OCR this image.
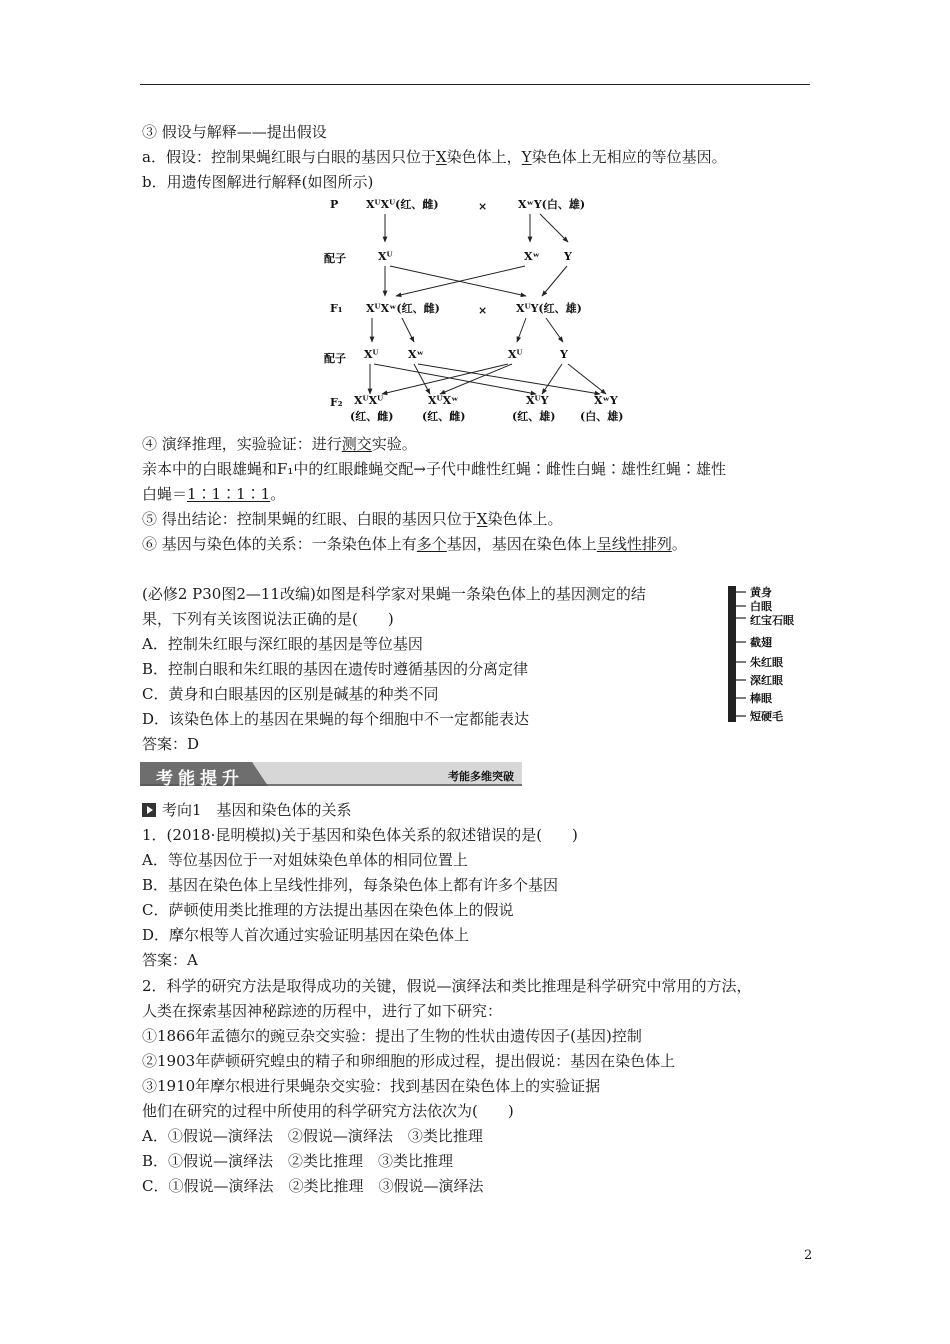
③ 假设与解释——提出假设
a．假设：控制果蝇红眼与白眼的基因只位于X染色体上，Y染色体上无相应的等位基因。
b．用遗传图解进行解释(如图所示)
P	XᵂXᵂ(红、雌)	×	XʷY(白、雄)
配子	Xᵂ	Xʷ Y
F₁ XᵂXʷ(红、雌)	×	XᵂY(红、雄)
配子 Xᵂ	Xʷ	Xᵂ	Y
F₂ XᵂXᵂ
(红、雌)
XᵂXʷ
(红、雌)
XᵂY
(红、雄)
XʷY
(白、雄)
④ 演绎推理，实验验证：进行测交实验。
亲本中的白眼雄蝇和F₁中的红眼雌蝇交配→子代中雌性红蝇∶雌性白蝇∶雄性红蝇∶雄性
白蝇＝1∶1∶1∶1。
⑤ 得出结论：控制果蝇的红眼、白眼的基因只位于X染色体上。
⑥ 基因与染色体的关系：一条染色体上有多个基因，基因在染色体上呈线性排列。
(必修2 P30图2—11改编)如图是科学家对果蝇一条染色体上的基因测定的结
果，下列有关该图说法正确的是(　　)
A．控制朱红眼与深红眼的基因是等位基因
B．控制白眼和朱红眼的基因在遗传时遵循基因的分离定律
C．黄身和白眼基因的区别是碱基的种类不同
D．该染色体上的基因在果蝇的每个细胞中不一定都能表达
答案：D
黄身
白眼
红宝石眼
截翅
朱红眼
深红眼
棒眼
短硬毛
考能提升	考能多维突破
考向1　基因和染色体的关系
1．(2018·昆明模拟)关于基因和染色体关系的叙述错误的是(　　)
A．等位基因位于一对姐妹染色单体的相同位置上
B．基因在染色体上呈线性排列，每条染色体上都有许多个基因
C．萨顿使用类比推理的方法提出基因在染色体上的假说
D．摩尔根等人首次通过实验证明基因在染色体上
答案：A
2．科学的研究方法是取得成功的关键，假说—演绎法和类比推理是科学研究中常用的方法，
人类在探索基因神秘踪迹的历程中，进行了如下研究：
①1866年孟德尔的豌豆杂交实验：提出了生物的性状由遗传因子(基因)控制
②1903年萨顿研究蝗虫的精子和卵细胞的形成过程，提出假说：基因在染色体上
③1910年摩尔根进行果蝇杂交实验：找到基因在染色体上的实验证据
他们在研究的过程中所使用的科学研究方法依次为(　　)
A．①假说—演绎法　②假说—演绎法　③类比推理
B．①假说—演绎法　②类比推理　③类比推理
C．①假说—演绎法　②类比推理　③假说—演绎法
2
